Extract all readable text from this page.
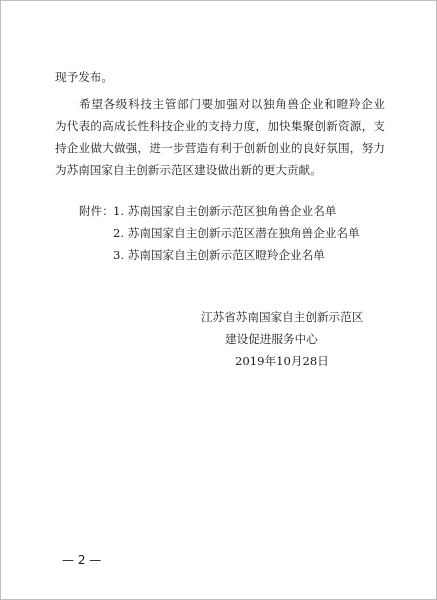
现予发布。
希望各级科技主管部门要加强对以独角兽企业和瞪羚企业
为代表的高成长性科技企业的支持力度，加快集聚创新资源，支
持企业做大做强，进一步营造有利于创新创业的良好氛围，努力
为苏南国家自主创新示范区建设做出新的更大贡献。
附件： 1. 苏南国家自主创新示范区独角兽企业名单
2. 苏南国家自主创新示范区潜在独角兽企业名单
3. 苏南国家自主创新示范区瞪羚企业名单
江苏省苏南国家自主创新示范区
建设促进服务中心
2019年10月28日
— 2 —
